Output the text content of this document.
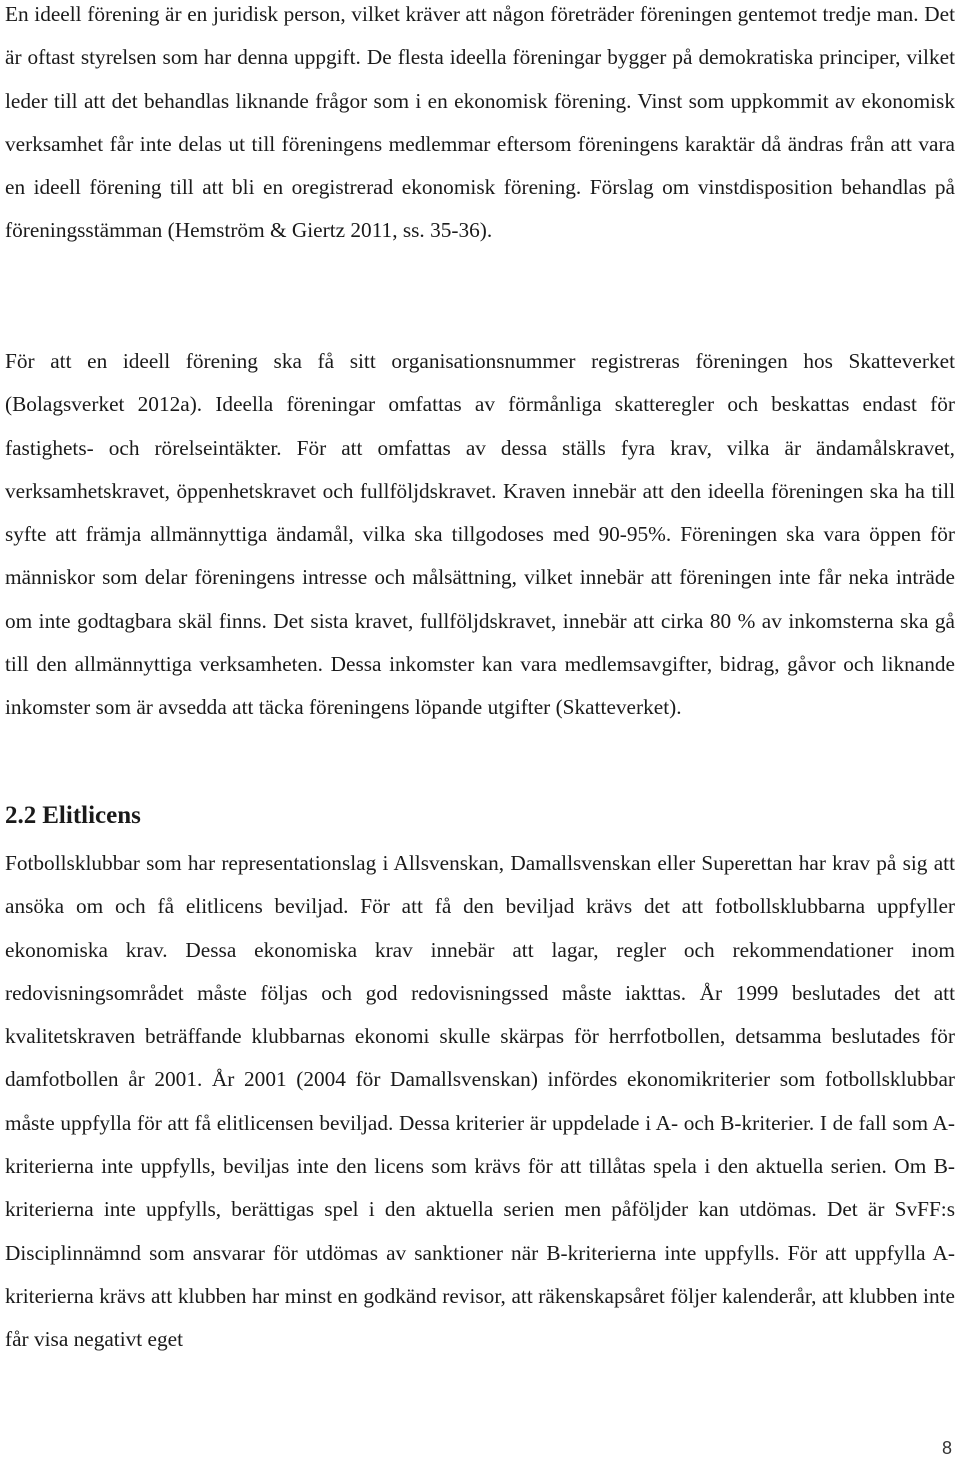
En ideell förening är en juridisk person, vilket kräver att någon företräder föreningen gentemot tredje man. Det är oftast styrelsen som har denna uppgift. De flesta ideella föreningar bygger på demokratiska principer, vilket leder till att det behandlas liknande frågor som i en ekonomisk förening. Vinst som uppkommit av ekonomisk verksamhet får inte delas ut till föreningens medlemmar eftersom föreningens karaktär då ändras från att vara en ideell förening till att bli en oregistrerad ekonomisk förening. Förslag om vinstdisposition behandlas på föreningsstämman (Hemström & Giertz 2011, ss. 35-36).

För att en ideell förening ska få sitt organisationsnummer registreras föreningen hos Skatteverket (Bolagsverket 2012a). Ideella föreningar omfattas av förmånliga skatteregler och beskattas endast för fastighets- och rörelseintäkter. För att omfattas av dessa ställs fyra krav, vilka är ändamålskravet, verksamhetskravet, öppenhetskravet och fullföljdskravet. Kraven innebär att den ideella föreningen ska ha till syfte att främja allmännyttiga ändamål, vilka ska tillgodoses med 90-95%. Föreningen ska vara öppen för människor som delar föreningens intresse och målsättning, vilket innebär att föreningen inte får neka inträde om inte godtagbara skäl finns. Det sista kravet, fullföljdskravet, innebär att cirka 80 % av inkomsterna ska gå till den allmännyttiga verksamheten. Dessa inkomster kan vara medlemsavgifter, bidrag, gåvor och liknande inkomster som är avsedda att täcka föreningens löpande utgifter (Skatteverket).

2.2 Elitlicens

Fotbollsklubbar som har representationslag i Allsvenskan, Damallsvenskan eller Superettan har krav på sig att ansöka om och få elitlicens beviljad. För att få den beviljad krävs det att fotbollsklubbarna uppfyller ekonomiska krav. Dessa ekonomiska krav innebär att lagar, regler och rekommendationer inom redovisningsområdet måste följas och god redovisningssed måste iakttas. År 1999 beslutades det att kvalitetskraven beträffande klubbarnas ekonomi skulle skärpas för herrfotbollen, detsamma beslutades för damfotbollen år 2001. År 2001 (2004 för Damallsvenskan) infördes ekonomikriterier som fotbollsklubbar måste uppfylla för att få elitlicensen beviljad. Dessa kriterier är uppdelade i A- och B-kriterier. I de fall som A-kriterierna inte uppfylls, beviljas inte den licens som krävs för att tillåtas spela i den aktuella serien. Om B-kriterierna inte uppfylls, berättigas spel i den aktuella serien men påföljder kan utdömas. Det är SvFF:s Disciplinnämnd som ansvarar för utdömas av sanktioner när B-kriterierna inte uppfylls. För att uppfylla A-kriterierna krävs att klubben har minst en godkänd revisor, att räkenskapsåret följer kalenderår, att klubben inte får visa negativt eget

8
